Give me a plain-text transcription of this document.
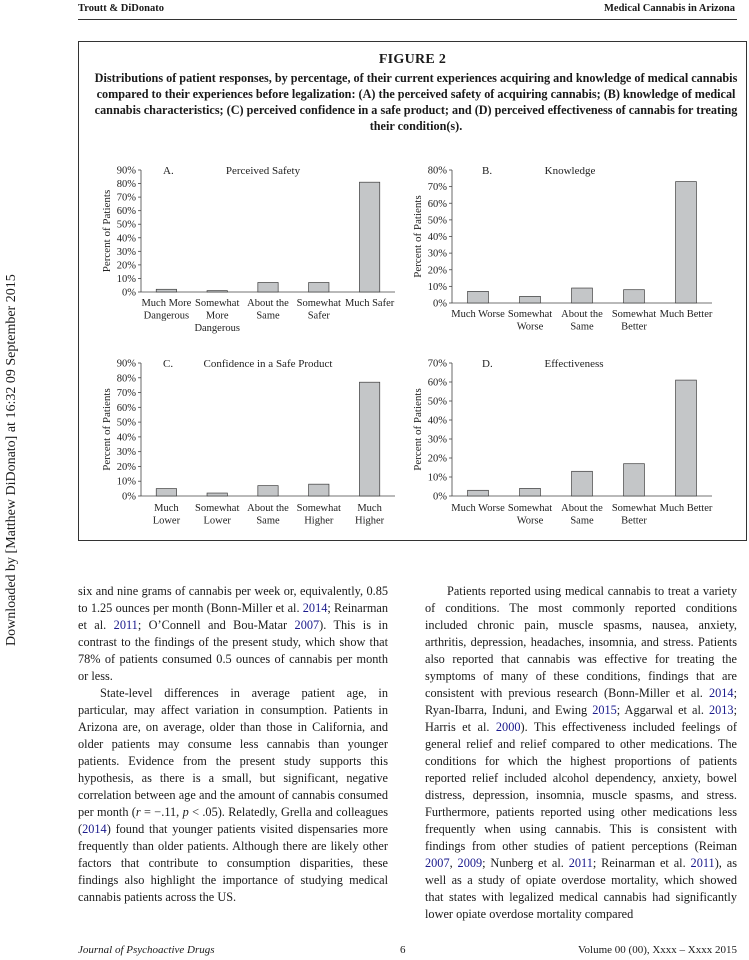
Troutt & DiDonato	Medical Cannabis in Arizona
Downloaded by [Matthew DiDonato] at 16:32 09 September 2015
FIGURE 2
Distributions of patient responses, by percentage, of their current experiences acquiring and knowledge of medical cannabis compared to their experiences before legalization: (A) the perceived safety of acquiring cannabis; (B) knowledge of medical cannabis characteristics; (C) perceived confidence in a safe product; and (D) perceived effectiveness of cannabis for treating their condition(s).
0%
10%
20%
30%
40%
50%
60%
70%
80%
90%
Percent of Patients
A.	Perceived Safety
Much More
Dangerous
Somewhat
More
Dangerous
About the
Same
Somewhat
Safer
Much Safer	0%
10%
20%
30%
40%
50%
60%
70%
80%
Percent of Patients
B.	Knowledge
Much Worse Somewhat
Worse
About the
Same
Somewhat
Better
Much Better
0%
10%
20%
30%
40%
50%
60%
70%
80%
90%
Percent of Patients
C.	Confidence in a Safe Product
Much
Lower
Somewhat
Lower
About the
Same
Somewhat
Higher
Much
Higher
0%
10%
20%
30%
40%
50%
60%
70%
Percent of Patients
D.	Effectiveness
Much Worse Somewhat
Worse
About the
Same
Somewhat
Better
Much Better

six and nine grams of cannabis per week or, equivalently, 0.85 to 1.25 ounces per month (Bonn-Miller et al. 2014; Reinarman et al. 2011; O’Connell and Bou-Matar 2007). This is in contrast to the findings of the present study, which show that 78% of patients consumed 0.5 ounces of cannabis per month or less.

State-level differences in average patient age, in particular, may affect variation in consumption. Patients in Arizona are, on average, older than those in California, and older patients may consume less cannabis than younger patients. Evidence from the present study supports this hypothesis, as there is a small, but significant, negative correlation between age and the amount of cannabis consumed per month (r = −.11, p < .05). Relatedly, Grella and colleagues (2014) found that younger patients visited dispensaries more frequently than older patients. Although there are likely other factors that contribute to consumption disparities, these findings also highlight the importance of studying medical cannabis patients across the US.

Patients reported using medical cannabis to treat a variety of conditions. The most commonly reported conditions included chronic pain, muscle spasms, nausea, anxiety, arthritis, depression, headaches, insomnia, and stress. Patients also reported that cannabis was effective for treating the symptoms of many of these conditions, findings that are consistent with previous research (Bonn-Miller et al. 2014; Ryan-Ibarra, Induni, and Ewing 2015; Aggarwal et al. 2013; Harris et al. 2000). This effectiveness included feelings of general relief and relief compared to other medications. The conditions for which the highest proportions of patients reported relief included alcohol dependency, anxiety, bowel distress, depression, insomnia, muscle spasms, and stress. Furthermore, patients reported using other medications less frequently when using cannabis. This is consistent with findings from other studies of patient perceptions (Reiman 2007, 2009; Nunberg et al. 2011; Reinarman et al. 2011), as well as a study of opiate overdose mortality, which showed that states with legalized medical cannabis had significantly lower opiate overdose mortality compared

Journal of Psychoactive Drugs	6	Volume 00 (00), Xxxx – Xxxx 2015
